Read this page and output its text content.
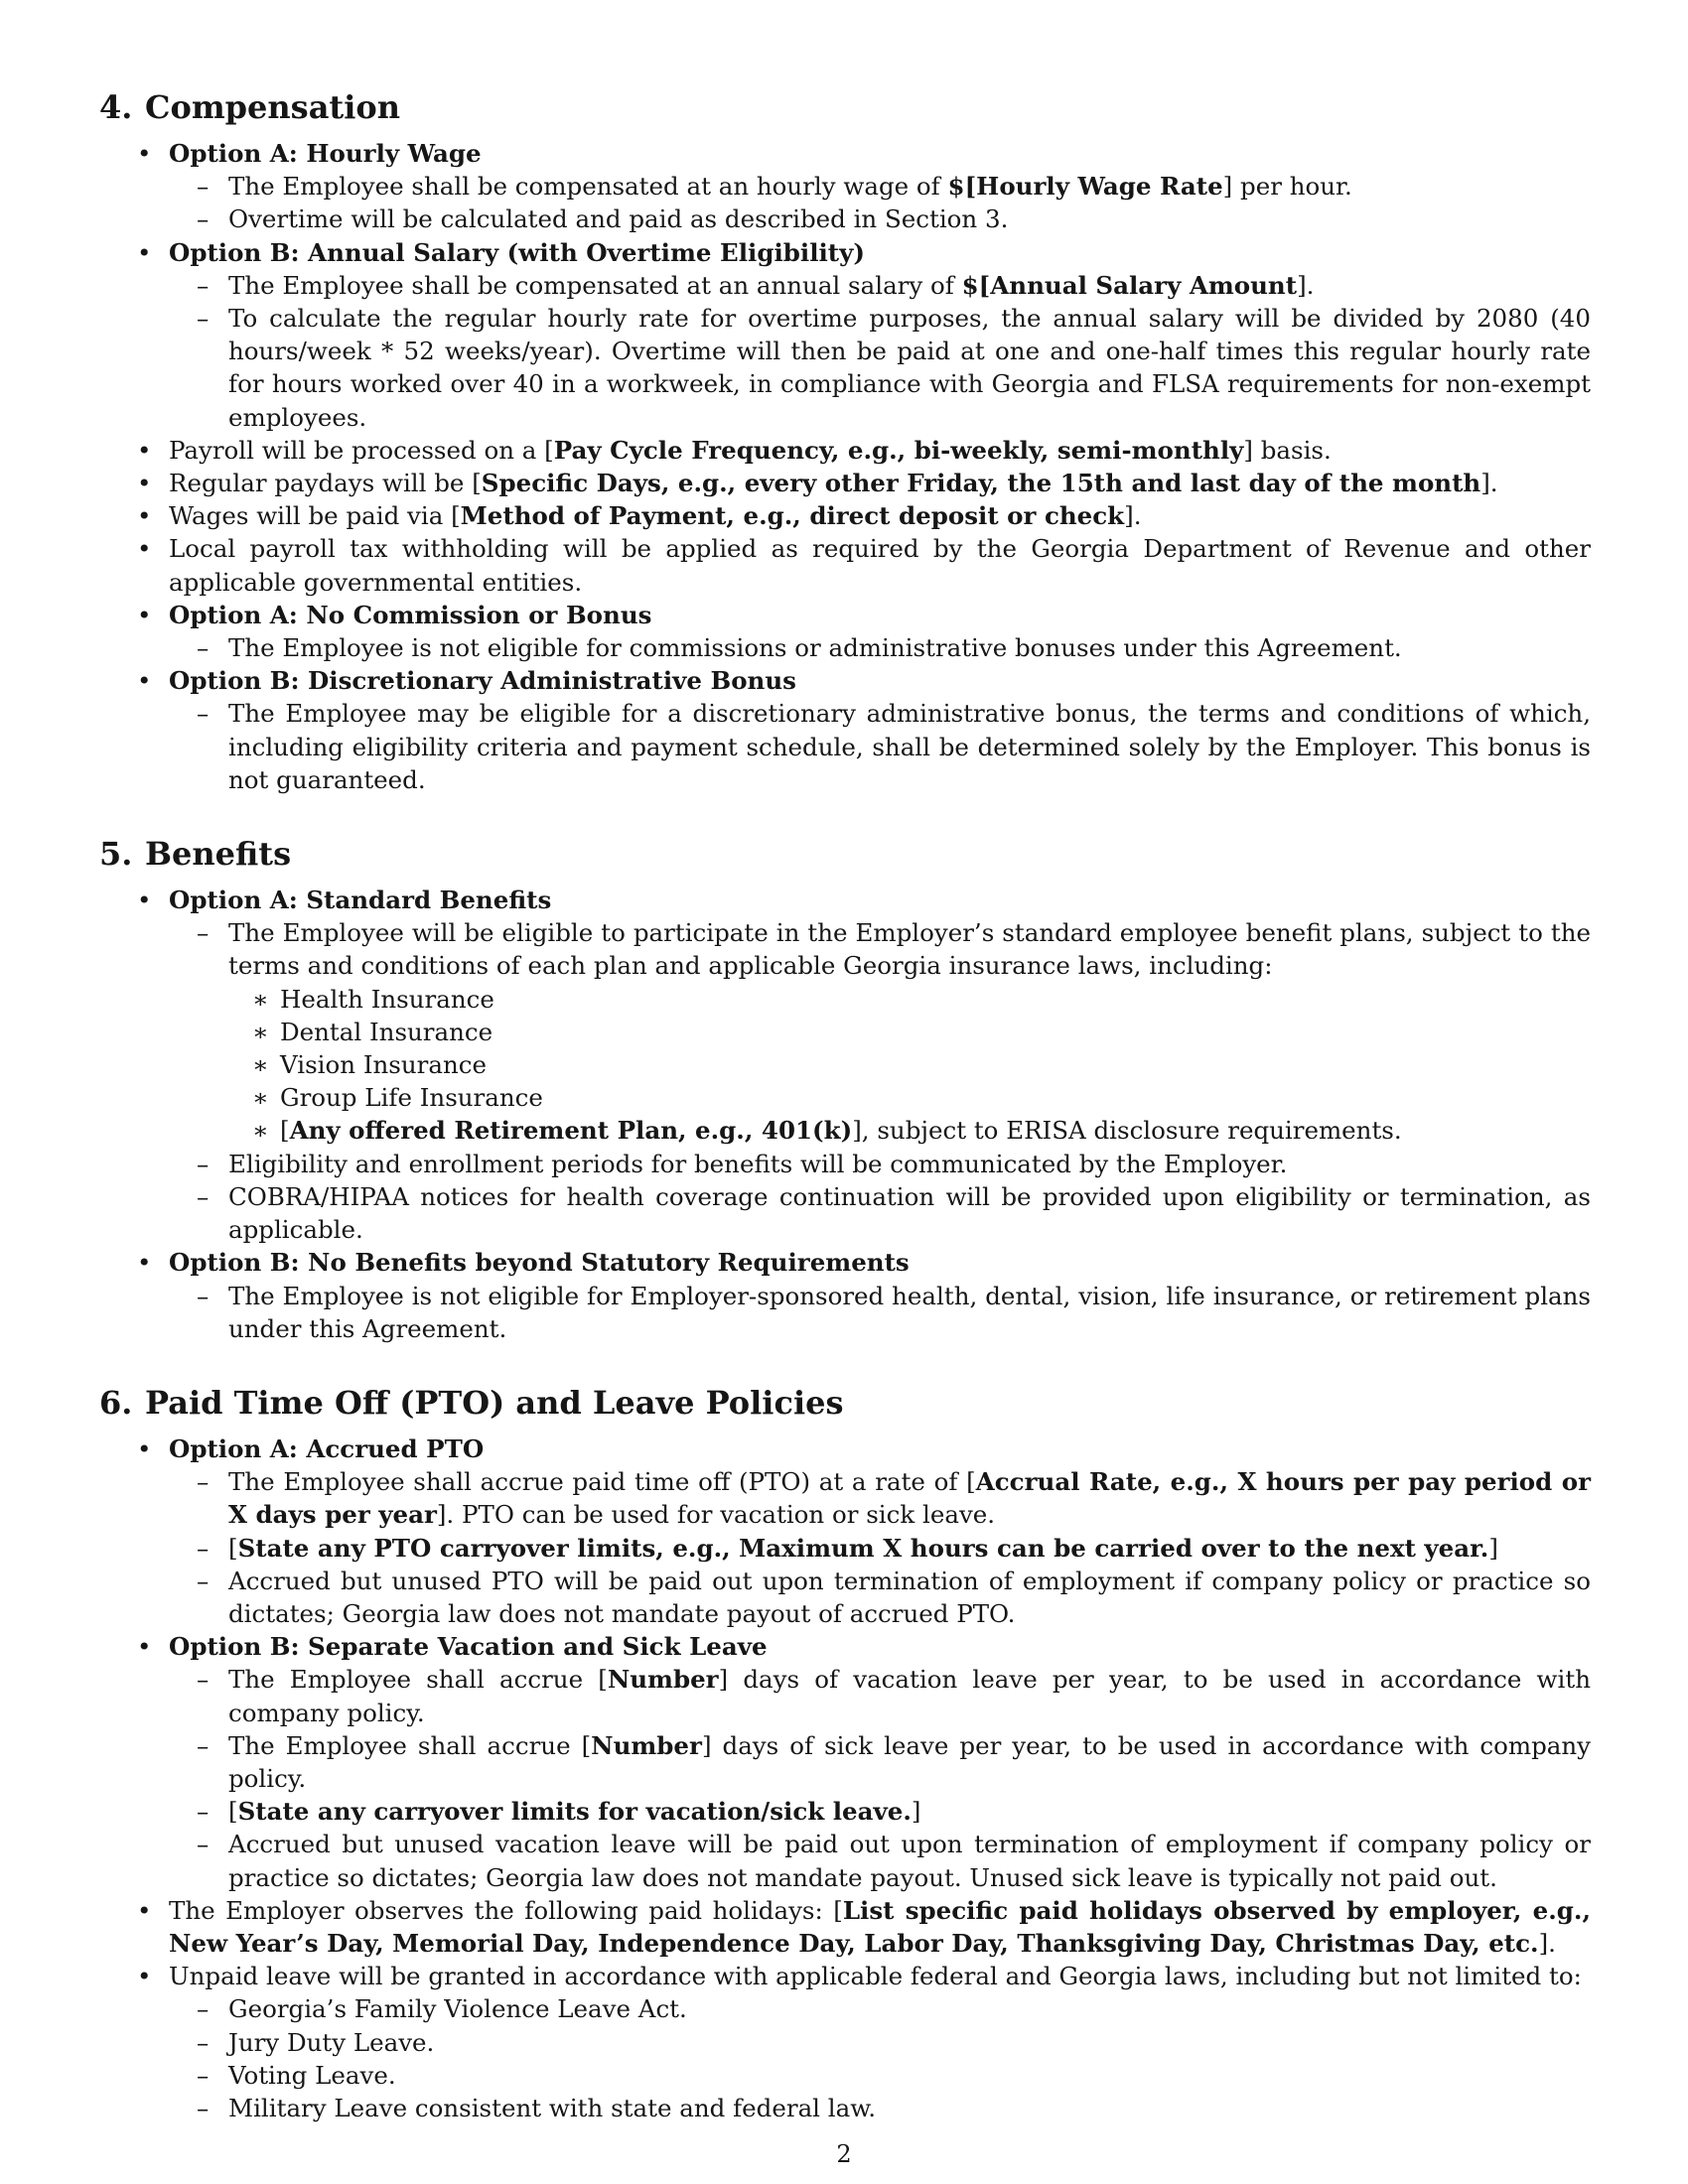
4. Compensation
• Option A: Hourly Wage
– The Employee shall be compensated at an hourly wage of $[Hourly Wage Rate] per hour.
– Overtime will be calculated and paid as described in Section 3.
• Option B: Annual Salary (with Overtime Eligibility)
– The Employee shall be compensated at an annual salary of $[Annual Salary Amount].
– To calculate the regular hourly rate for overtime purposes, the annual salary will be divided by 2080 (40 hours/week * 52 weeks/year). Overtime will then be paid at one and one-half times this regular hourly rate for hours worked over 40 in a workweek, in compliance with Georgia and FLSA requirements for non-exempt employees.
• Payroll will be processed on a [Pay Cycle Frequency, e.g., bi-weekly, semi-monthly] basis.
• Regular paydays will be [Specific Days, e.g., every other Friday, the 15th and last day of the month].
• Wages will be paid via [Method of Payment, e.g., direct deposit or check].
• Local payroll tax withholding will be applied as required by the Georgia Department of Revenue and other applicable governmental entities.
• Option A: No Commission or Bonus
– The Employee is not eligible for commissions or administrative bonuses under this Agreement.
• Option B: Discretionary Administrative Bonus
– The Employee may be eligible for a discretionary administrative bonus, the terms and conditions of which, including eligibility criteria and payment schedule, shall be determined solely by the Employer. This bonus is not guaranteed.
5. Benefits
• Option A: Standard Benefits
– The Employee will be eligible to participate in the Employer’s standard employee benefit plans, subject to the terms and conditions of each plan and applicable Georgia insurance laws, including:
∗ Health Insurance
∗ Dental Insurance
∗ Vision Insurance
∗ Group Life Insurance
∗ [Any offered Retirement Plan, e.g., 401(k)], subject to ERISA disclosure requirements.
– Eligibility and enrollment periods for benefits will be communicated by the Employer.
– COBRA/HIPAA notices for health coverage continuation will be provided upon eligibility or termination, as applicable.
• Option B: No Benefits beyond Statutory Requirements
– The Employee is not eligible for Employer-sponsored health, dental, vision, life insurance, or retirement plans under this Agreement.
6. Paid Time Off (PTO) and Leave Policies
• Option A: Accrued PTO
– The Employee shall accrue paid time off (PTO) at a rate of [Accrual Rate, e.g., X hours per pay period or X days per year]. PTO can be used for vacation or sick leave.
– [State any PTO carryover limits, e.g., Maximum X hours can be carried over to the next year.]
– Accrued but unused PTO will be paid out upon termination of employment if company policy or practice so dictates; Georgia law does not mandate payout of accrued PTO.
• Option B: Separate Vacation and Sick Leave
– The Employee shall accrue [Number] days of vacation leave per year, to be used in accordance with company policy.
– The Employee shall accrue [Number] days of sick leave per year, to be used in accordance with company policy.
– [State any carryover limits for vacation/sick leave.]
– Accrued but unused vacation leave will be paid out upon termination of employment if company policy or practice so dictates; Georgia law does not mandate payout. Unused sick leave is typically not paid out.
• The Employer observes the following paid holidays: [List specific paid holidays observed by employer, e.g., New Year’s Day, Memorial Day, Independence Day, Labor Day, Thanksgiving Day, Christmas Day, etc.].
• Unpaid leave will be granted in accordance with applicable federal and Georgia laws, including but not limited to:
– Georgia’s Family Violence Leave Act.
– Jury Duty Leave.
– Voting Leave.
– Military Leave consistent with state and federal law.
2
